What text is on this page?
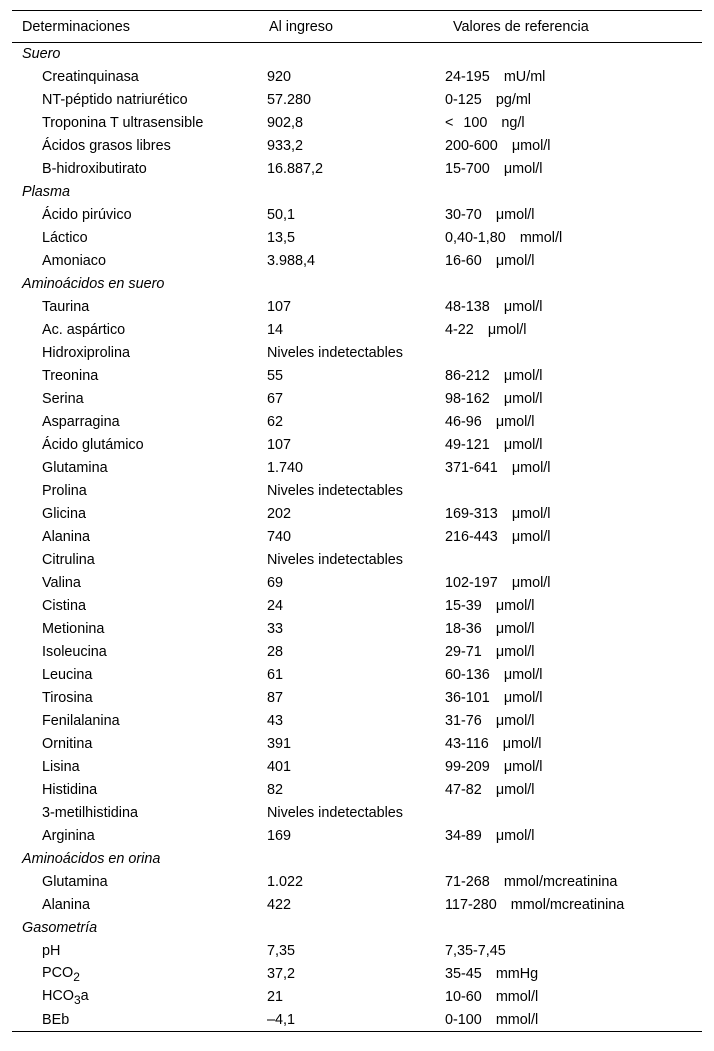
Determinaciones	Al ingreso	Valores de referencia
Suero		
Creatinquinasa	920	24-195 mU/ml
NT-péptido natriurético	57.280	0-125 pg/ml
Troponina T ultrasensible	902,8	< 100 ng/l
Ácidos grasos libres	933,2	200-600 μmol/l
B-hidroxibutirato	16.887,2	15-700 μmol/l
Plasma		
Ácido pirúvico	50,1	30-70 μmol/l
Láctico	13,5	0,40-1,80 mmol/l
Amoniaco	3.988,4	16-60 μmol/l
Aminoácidos en suero		
Taurina	107	48-138 μmol/l
Ac. aspártico	14	4-22 μmol/l
Hidroxiprolina	Niveles indetectables	
Treonina	55	86-212 μmol/l
Serina	67	98-162 μmol/l
Asparragina	62	46-96 μmol/l
Ácido glutámico	107	49-121 μmol/l
Glutamina	1.740	371-641 μmol/l
Prolina	Niveles indetectables	
Glicina	202	169-313 μmol/l
Alanina	740	216-443 μmol/l
Citrulina	Niveles indetectables	
Valina	69	102-197 μmol/l
Cistina	24	15-39 μmol/l
Metionina	33	18-36 μmol/l
Isoleucina	28	29-71 μmol/l
Leucina	61	60-136 μmol/l
Tirosina	87	36-101 μmol/l
Fenilalanina	43	31-76 μmol/l
Ornitina	391	43-116 μmol/l
Lisina	401	99-209 μmol/l
Histidina	82	47-82 μmol/l
3-metilhistidina	Niveles indetectables	
Arginina	169	34-89 μmol/l
Aminoácidos en orina		
Glutamina	1.022	71-268 mmol/mcreatinina
Alanina	422	117-280 mmol/mcreatinina
Gasometría		
pH	7,35	7,35-7,45
$PCO_2$	37,2	35-45 mmHg
$HCO_3a$	21	10-60 mmol/l
BEb	–4,1	0-100 mmol/l
